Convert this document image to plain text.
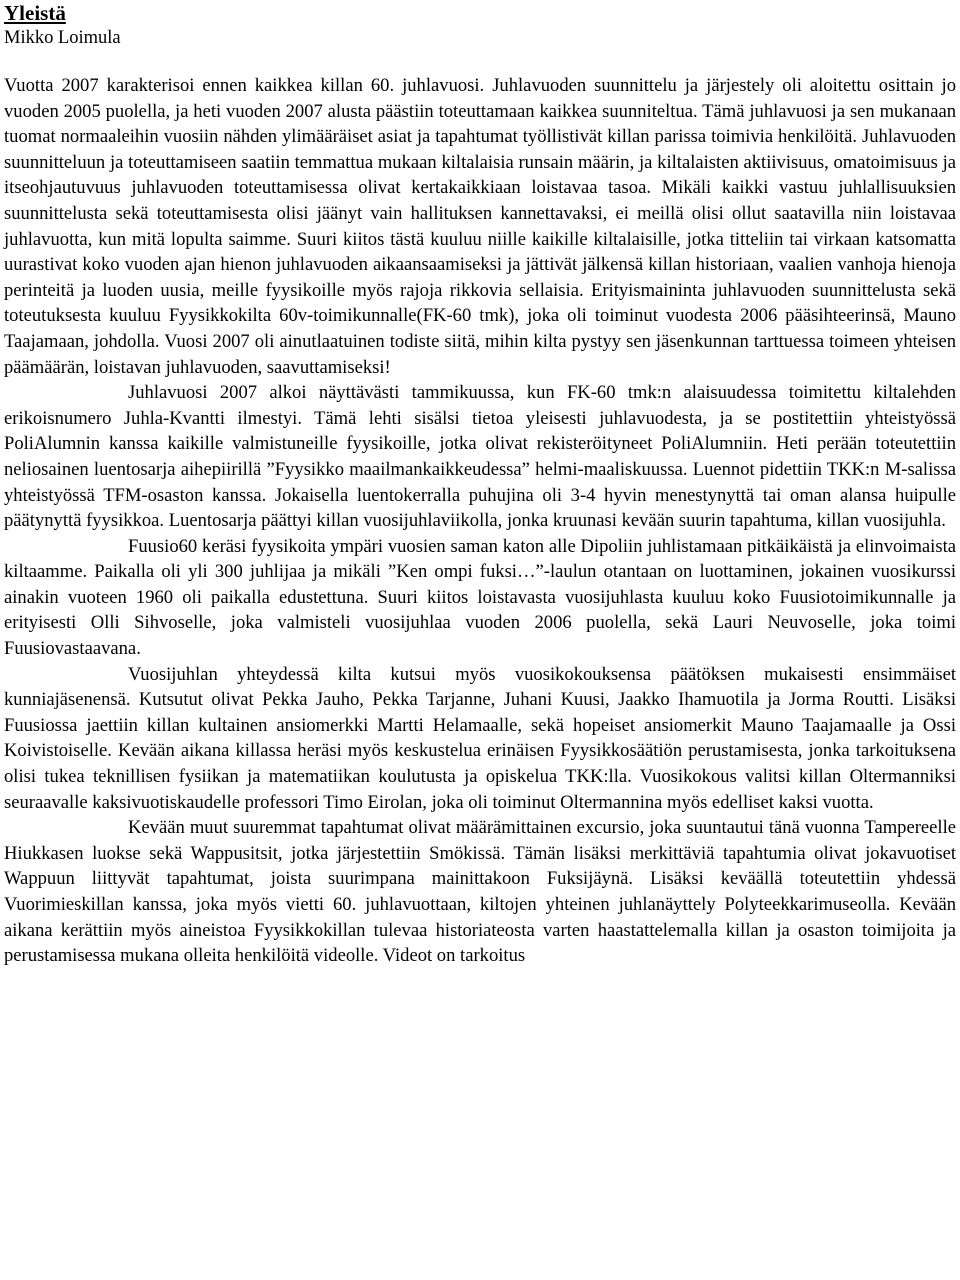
Yleistä
Mikko Loimula

Vuotta 2007 karakterisoi ennen kaikkea killan 60. juhlavuosi. Juhlavuoden suunnittelu ja järjestely oli aloitettu osittain jo vuoden 2005 puolella, ja heti vuoden 2007 alusta päästiin toteuttamaan kaikkea suunniteltua. Tämä juhlavuosi ja sen mukanaan tuomat normaaleihin vuosiin nähden ylimääräiset asiat ja tapahtumat työllistivät killan parissa toimivia henkilöitä. Juhlavuoden suunnitteluun ja toteuttamiseen saatiin temmattua mukaan kiltalaisia runsain määrin, ja kiltalaisten aktiivisuus, omatoimisuus ja itseohjautuvuus juhlavuoden toteuttamisessa olivat kertakaikkiaan loistavaa tasoa. Mikäli kaikki vastuu juhlallisuuksien suunnittelusta sekä toteuttamisesta olisi jäänyt vain hallituksen kannettavaksi, ei meillä olisi ollut saatavilla niin loistavaa juhlavuotta, kun mitä lopulta saimme. Suuri kiitos tästä kuuluu niille kaikille kiltalaisille, jotka titteliin tai virkaan katsomatta uurastivat koko vuoden ajan hienon juhlavuoden aikaansaamiseksi ja jättivät jälkensä killan historiaan, vaalien vanhoja hienoja perinteitä ja luoden uusia, meille fyysikoille myös rajoja rikkovia sellaisia. Erityismaininta juhlavuoden suunnittelusta sekä toteutuksesta kuuluu Fyysikkokilta 60v-toimikunnalle(FK-60 tmk), joka oli toiminut vuodesta 2006 pääsihteerinsä, Mauno Taajamaan, johdolla. Vuosi 2007 oli ainutlaatuinen todiste siitä, mihin kilta pystyy sen jäsenkunnan tarttuessa toimeen yhteisen päämäärän, loistavan juhlavuoden, saavuttamiseksi!

Juhlavuosi 2007 alkoi näyttävästi tammikuussa, kun FK-60 tmk:n alaisuudessa toimitettu kiltalehden erikoisnumero Juhla-Kvantti ilmestyi. Tämä lehti sisälsi tietoa yleisesti juhlavuodesta, ja se postitettiin yhteistyössä PoliAlumnin kanssa kaikille valmistuneille fyysikoille, jotka olivat rekisteröityneet PoliAlumniin. Heti perään toteutettiin neliosainen luentosarja aihepiirillä ”Fyysikko maailmankaikkeudessa” helmi-maaliskuussa. Luennot pidettiin TKK:n M-salissa yhteistyössä TFM-osaston kanssa. Jokaisella luentokerralla puhujina oli 3-4 hyvin menestynyttä tai oman alansa huipulle päätynyttä fyysikkoa. Luentosarja päättyi killan vuosijuhlaviikolla, jonka kruunasi kevään suurin tapahtuma, killan vuosijuhla.

Fuusio60 keräsi fyysikoita ympäri vuosien saman katon alle Dipoliin juhlistamaan pitkäikäistä ja elinvoimaista kiltaamme. Paikalla oli yli 300 juhlijaa ja mikäli ”Ken ompi fuksi…”-laulun otantaan on luottaminen, jokainen vuosikurssi ainakin vuoteen 1960 oli paikalla edustettuna. Suuri kiitos loistavasta vuosijuhlasta kuuluu koko Fuusiotoimikunnalle ja erityisesti Olli Sihvoselle, joka valmisteli vuosijuhlaa vuoden 2006 puolella, sekä Lauri Neuvoselle, joka toimi Fuusiovastaavana.

Vuosijuhlan yhteydessä kilta kutsui myös vuosikokouksensa päätöksen mukaisesti ensimmäiset kunniajäsenensä. Kutsutut olivat Pekka Jauho, Pekka Tarjanne, Juhani Kuusi, Jaakko Ihamuotila ja Jorma Routti. Lisäksi Fuusiossa jaettiin killan kultainen ansiomerkki Martti Helamaalle, sekä hopeiset ansiomerkit Mauno Taajamaalle ja Ossi Koivistoiselle. Kevään aikana killassa heräsi myös keskustelua erinäisen Fyysikkosäätiön perustamisesta, jonka tarkoituksena olisi tukea teknillisen fysiikan ja matematiikan koulutusta ja opiskelua TKK:lla. Vuosikokous valitsi killan Oltermanniksi seuraavalle kaksivuotiskaudelle professori Timo Eirolan, joka oli toiminut Oltermannina myös edelliset kaksi vuotta.

Kevään muut suuremmat tapahtumat olivat määrämittainen excursio, joka suuntautui tänä vuonna Tampereelle Hiukkasen luokse sekä Wappusitsit, jotka järjestettiin Smökissä. Tämän lisäksi merkittäviä tapahtumia olivat jokavuotiset Wappuun liittyvät tapahtumat, joista suurimpana mainittakoon Fuksijäynä. Lisäksi keväällä toteutettiin yhdessä Vuorimieskillan kanssa, joka myös vietti 60. juhlavuottaan, kiltojen yhteinen juhlanäyttely Polyteekkarimuseolla. Kevään aikana kerättiin myös aineistoa Fyysikkokillan tulevaa historiateosta varten haastattelemalla killan ja osaston toimijoita ja perustamisessa mukana olleita henkilöitä videolle. Videot on tarkoitus
